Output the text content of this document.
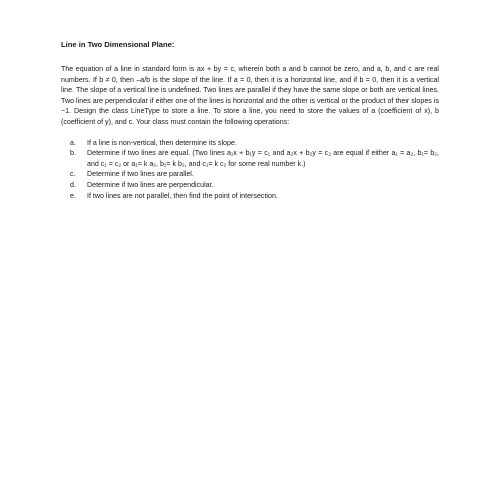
Line in Two Dimensional Plane:
The equation of a line in standard form is ax + by = c, wherein both a and b cannot be zero, and a, b, and c are real numbers. If b ≠ 0, then –a/b is the slope of the line. If a = 0, then it is a horizontal line, and if b = 0, then it is a vertical line. The slope of a vertical line is undefined. Two lines are parallel if they have the same slope or both are vertical lines. Two lines are perpendicular if either one of the lines is horizontal and the other is vertical or the product of their slopes is −1. Design the class LineType to store a line. To store a line, you need to store the values of a (coefficient of x), b (coefficient of y), and c. Your class must contain the following operations:
a. If a line is non-vertical, then determine its slope.
b. Determine if two lines are equal. (Two lines a₁x + b₁y = c₁ and a₂x + b₂y = c₂ are equal if either a₁ = a₂, b₁= b₂, and c₁ = c₂ or a₁= k a₂, b₁= k b₂, and c₁= k c₂ for some real number k.)
c. Determine if two lines are parallel.
d. Determine if two lines are perpendicular.
e. If two lines are not parallel, then find the point of intersection.
